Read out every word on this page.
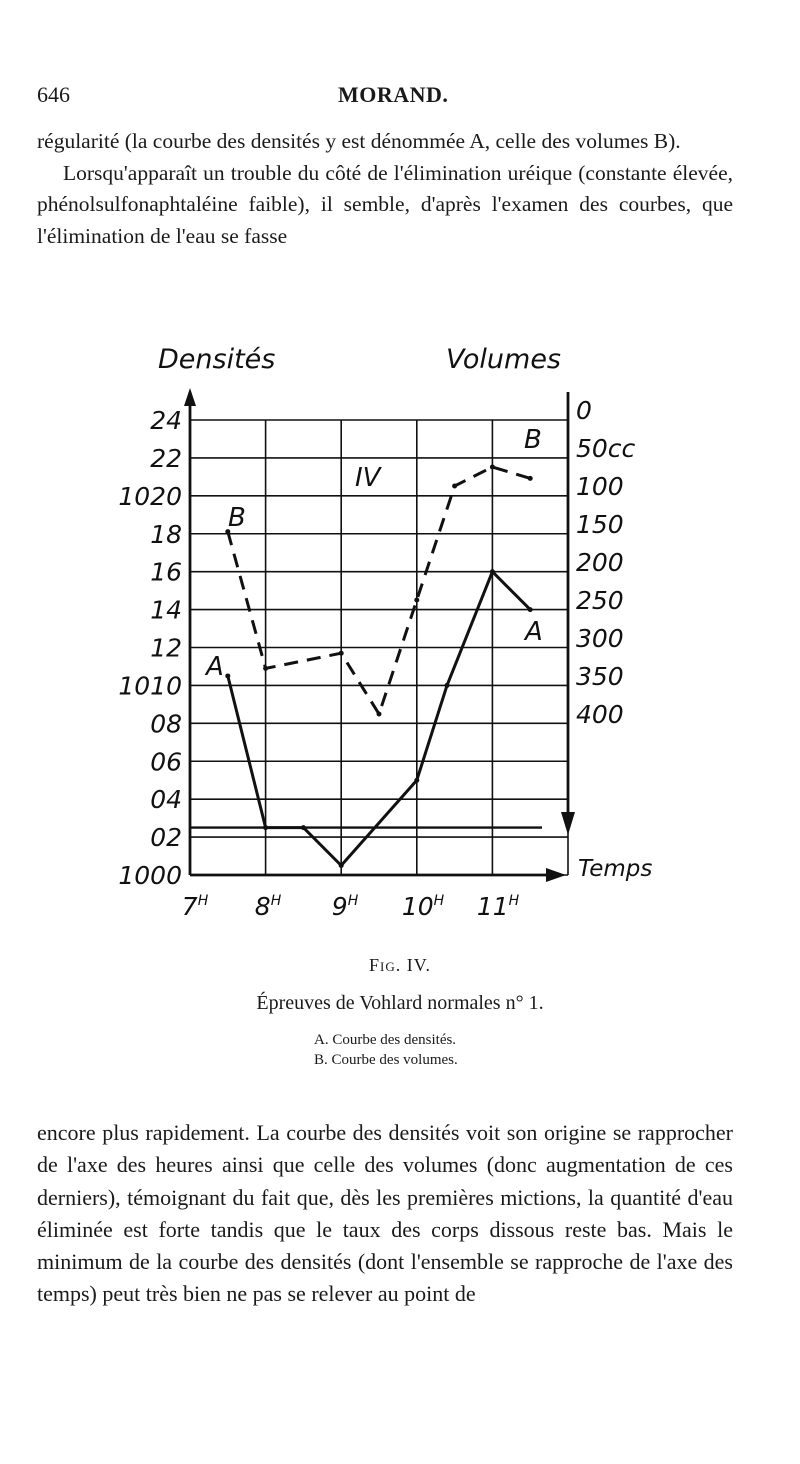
646	MORAND.

régularité (la courbe des densités y est dénommée A, celle des volumes B).

Lorsqu'apparaît un trouble du côté de l'élimination uréique (constante élevée, phénolsulfonaphtaléine faible), il semble, d'après l'examen des courbes, que l'élimination de l'eau se fasse

Densités	Volumes
Temps
24
22
1020
18
16
14
12
1010
08
06
04
02
1000
0
50cc
100
150
200
250
300
350
400
$7^H$ $8^H$ $9^H$ $10^H$ $11^H$
A
A
B
B
IV
Fig. IV.
Épreuves de Vohlard normales n° 1.
A. Courbe des densités.
B. Courbe des volumes.

encore plus rapidement. La courbe des densités voit son origine se rapprocher de l'axe des heures ainsi que celle des volumes (donc augmentation de ces derniers), témoignant du fait que, dès les premières mictions, la quantité d'eau éliminée est forte tandis que le taux des corps dissous reste bas. Mais le minimum de la courbe des densités (dont l'ensemble se rapproche de l'axe des temps) peut très bien ne pas se relever au point de
